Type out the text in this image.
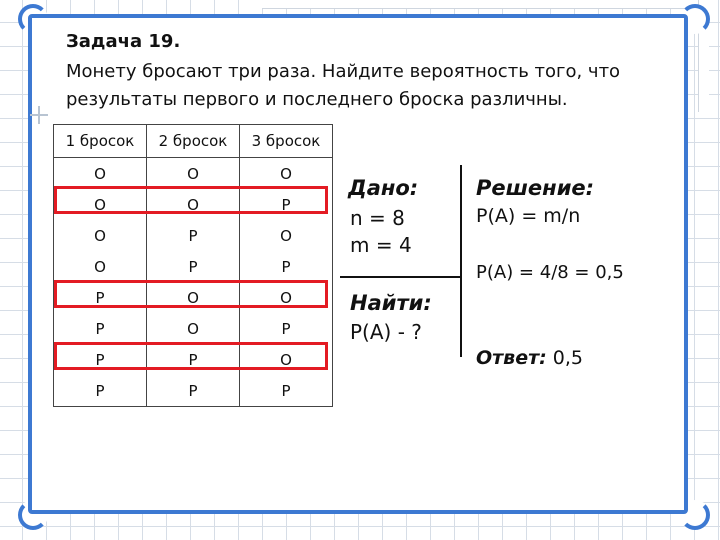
Задача 19.
Монету бросают три раза. Найдите вероятность того, что результаты первого и последнего броска различны.
1 бросок	2 бросок	3 бросок
О	О	О
О	О	Р
О	Р	О
О	Р	Р
Р	О	О
Р	О	Р
Р	Р	О
Р	Р	Р
Дано:
n = 8
m = 4
Найти:
Р(А) - ?
Решение:
Р(А) = m/n
Р(А) = 4/8 = 0,5
Ответ: 0,5
